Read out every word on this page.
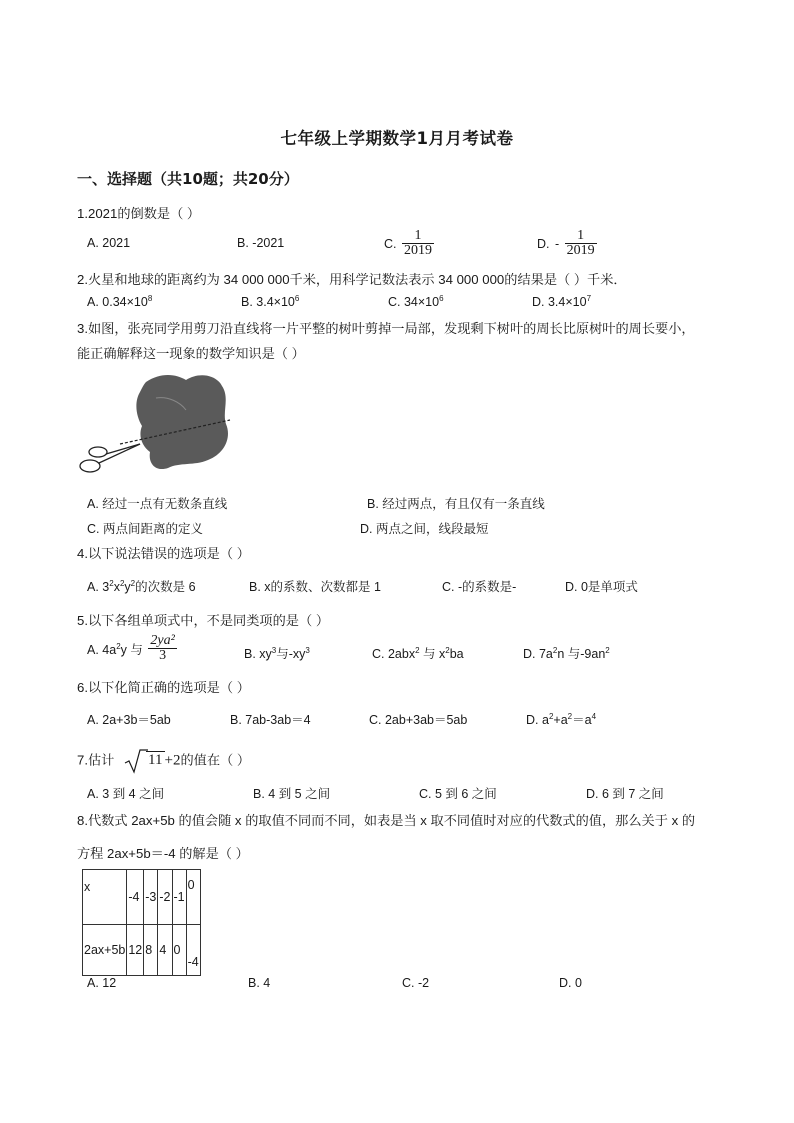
七年级上学期数学1月月考试卷
一、选择题（共10题；共20分）
1.2021的倒数是（ ）
A. 2021	B. -2021	C. $\frac{1}{2019}$	D. - $\frac{1}{2019}$
2.火星和地球的距离约为 34 000 000千米，用科学记数法表示 34 000 000的结果是（ ）千米．
A. $0.34\times 10^8$	B. $3.4\times 10^6$	C. $34\times 10^6$	D. $3.4\times 10^7$
3.如图，张亮同学用剪刀沿直线将一片平整的树叶剪掉一局部，发现剩下树叶的周长比原树叶的周长要小，
能正确解释这一现象的数学知识是（ ）
A. 经过一点有无数条直线	B. 经过两点，有且仅有一条直线
C. 两点间距离的定义	D. 两点之间，线段最短
4.以下说法错误的选项是（ ）
A. $3^2x^2y^2$的次数是 6	B. x的系数、次数都是 1	C. -的系数是-	D. 0是单项式
5.以下各组单项式中，不是同类项的是（ ）
A. $4a^2y$ 与 $\frac{\text{2ya²}}{3}$	B. $xy^3$与$-xy^3$	C. 2abx$^2$ 与 $x^2ba$	D. $7a^2n$ 与$-9an^2$
6.以下化简正确的选项是（ ）
A. 2a+3b＝5ab	B. 7ab-3ab＝4	C. 2ab+3ab＝5ab	D. $a^2+a^2=a^4$
7.估计 11 +2的值在（ ）
A. 3 到 4 之间	B. 4 到 5 之间	C. 5 到 6 之间	D. 6 到 7 之间
8.代数式 2ax+5b 的值会随 x 的取值不同而不同，如表是当 x 取不同值时对应的代数式的值，那么关于 x 的
方程 2ax+5b＝-4 的解是（ ）
x	-4	-3	-2	-1	0
2ax+5b	12	8	4	0	-4
A. 12	B. 4	C. -2	D. 0
